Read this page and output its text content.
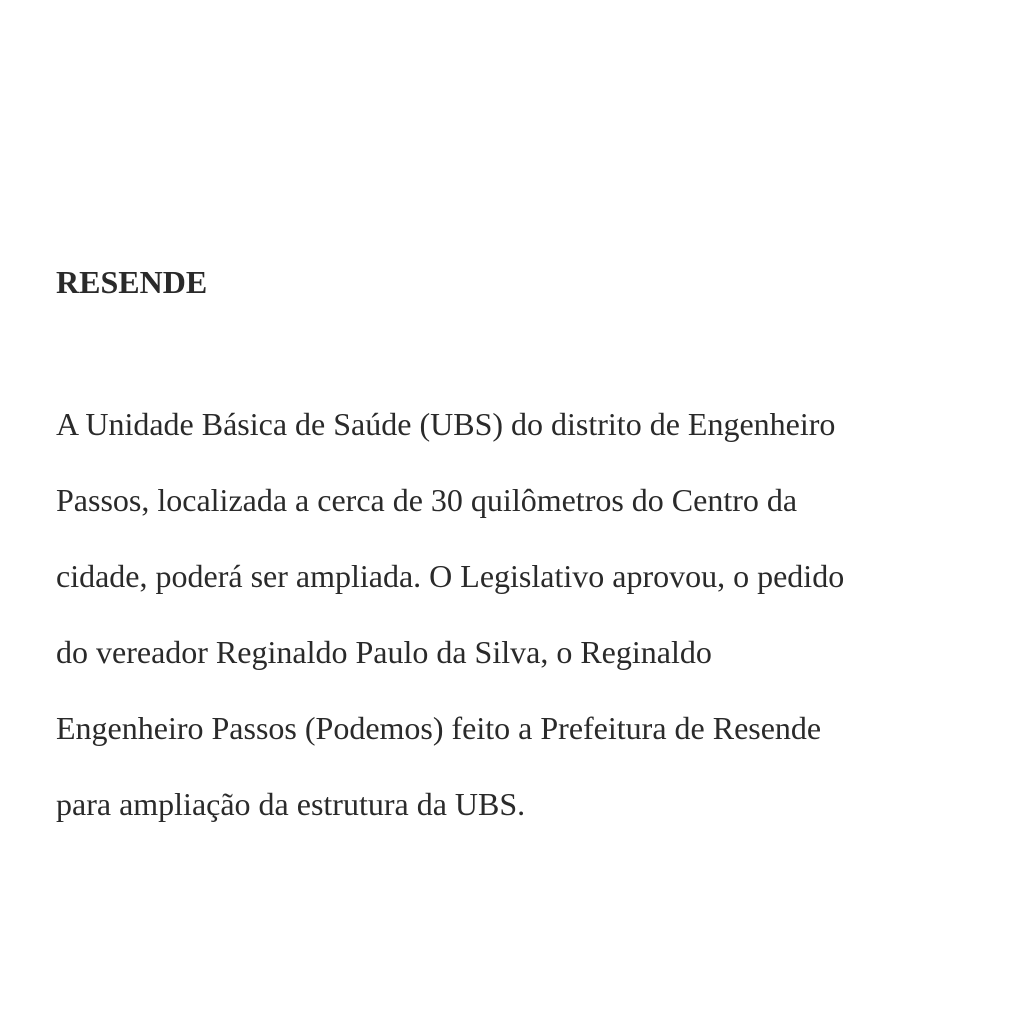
RESENDE
A Unidade Básica de Saúde (UBS) do distrito de Engenheiro
Passos, localizada a cerca de 30 quilômetros do Centro da
cidade, poderá ser ampliada. O Legislativo aprovou, o pedido
do vereador Reginaldo Paulo da Silva, o Reginaldo
Engenheiro Passos (Podemos) feito a Prefeitura de Resende
para ampliação da estrutura da UBS.
